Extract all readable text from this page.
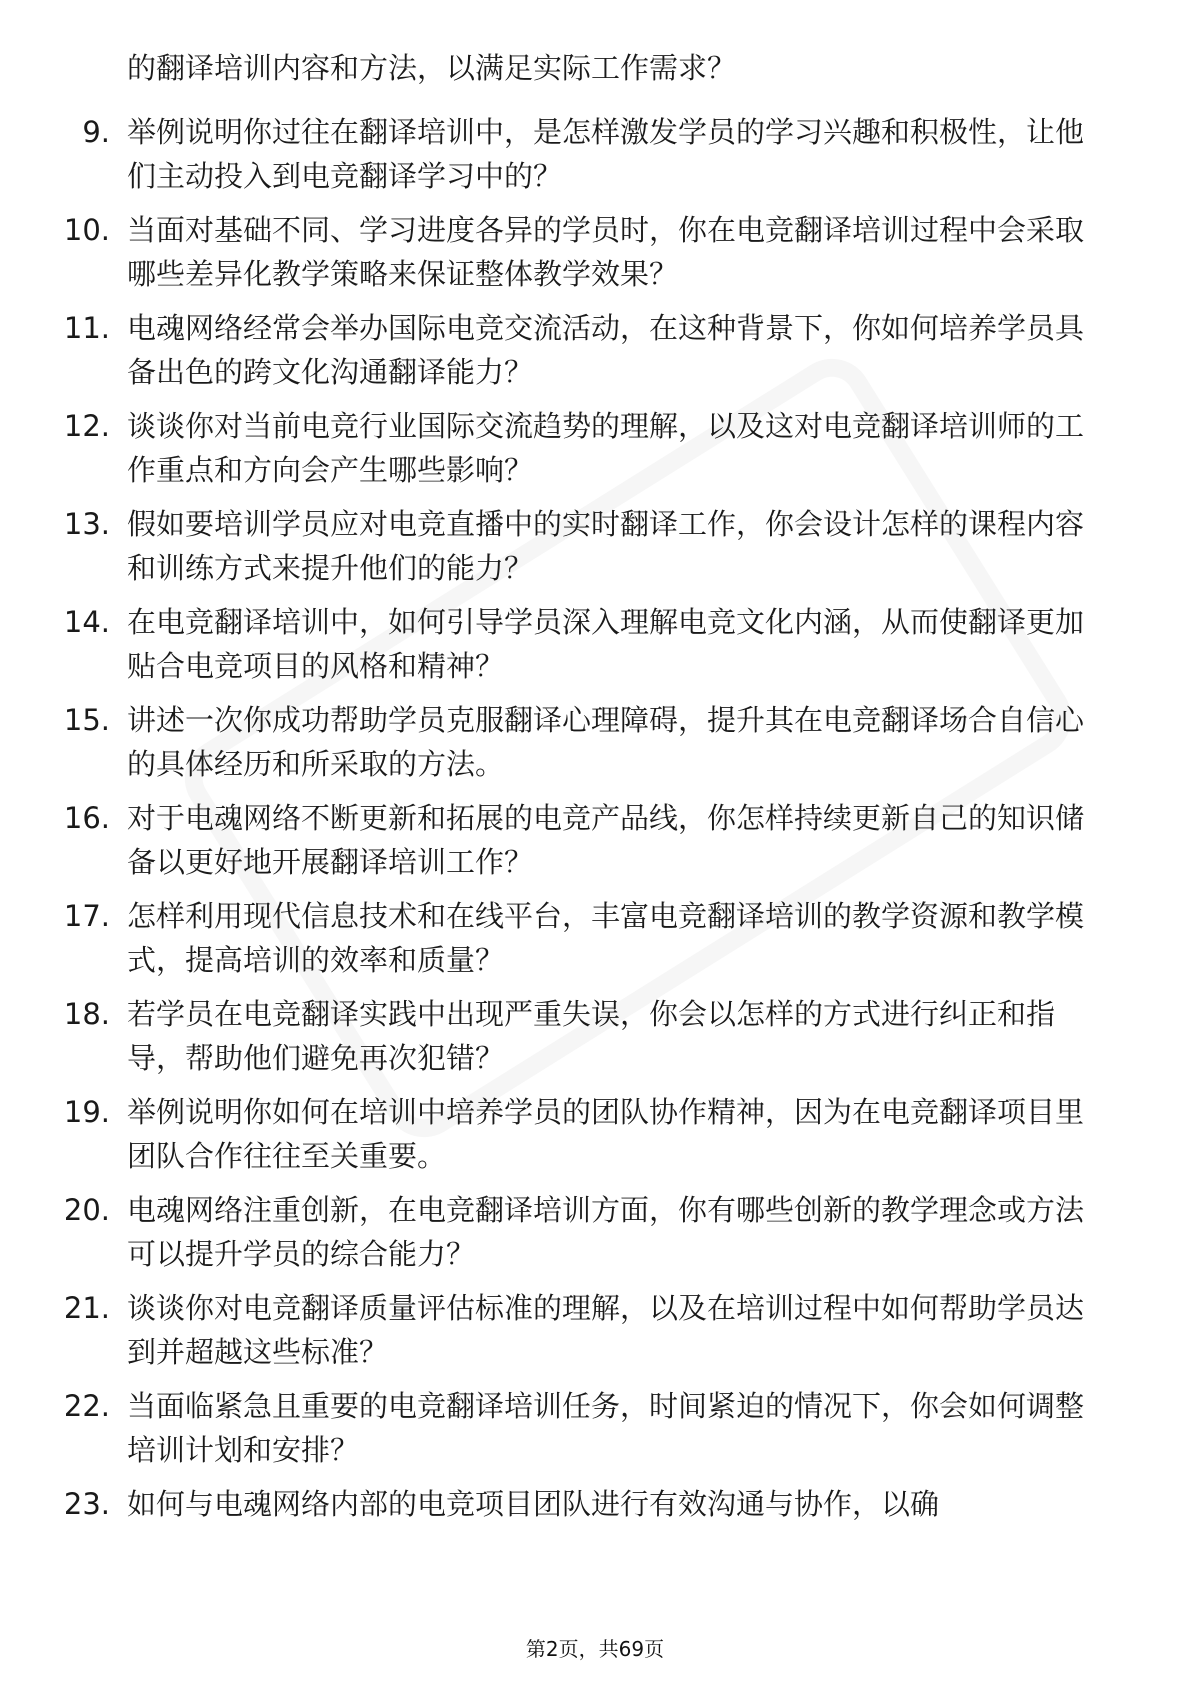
的翻译培训内容和方法，以满足实际工作需求？
9. 举例说明你过往在翻译培训中，是怎样激发学员的学习兴趣和积极性，让他们主动投入到电竞翻译学习中的？
10. 当面对基础不同、学习进度各异的学员时，你在电竞翻译培训过程中会采取哪些差异化教学策略来保证整体教学效果？
11. 电魂网络经常会举办国际电竞交流活动，在这种背景下，你如何培养学员具备出色的跨文化沟通翻译能力？
12. 谈谈你对当前电竞行业国际交流趋势的理解，以及这对电竞翻译培训师的工作重点和方向会产生哪些影响？
13. 假如要培训学员应对电竞直播中的实时翻译工作，你会设计怎样的课程内容和训练方式来提升他们的能力？
14. 在电竞翻译培训中，如何引导学员深入理解电竞文化内涵，从而使翻译更加贴合电竞项目的风格和精神？
15. 讲述一次你成功帮助学员克服翻译心理障碍，提升其在电竞翻译场合自信心的具体经历和所采取的方法。
16. 对于电魂网络不断更新和拓展的电竞产品线，你怎样持续更新自己的知识储备以更好地开展翻译培训工作？
17. 怎样利用现代信息技术和在线平台，丰富电竞翻译培训的教学资源和教学模式，提高培训的效率和质量？
18. 若学员在电竞翻译实践中出现严重失误，你会以怎样的方式进行纠正和指导，帮助他们避免再次犯错？
19. 举例说明你如何在培训中培养学员的团队协作精神，因为在电竞翻译项目里团队合作往往至关重要。
20. 电魂网络注重创新，在电竞翻译培训方面，你有哪些创新的教学理念或方法可以提升学员的综合能力？
21. 谈谈你对电竞翻译质量评估标准的理解，以及在培训过程中如何帮助学员达到并超越这些标准？
22. 当面临紧急且重要的电竞翻译培训任务，时间紧迫的情况下，你会如何调整培训计划和安排？
23. 如何与电魂网络内部的电竞项目团队进行有效沟通与协作，以确
第2页，共69页
